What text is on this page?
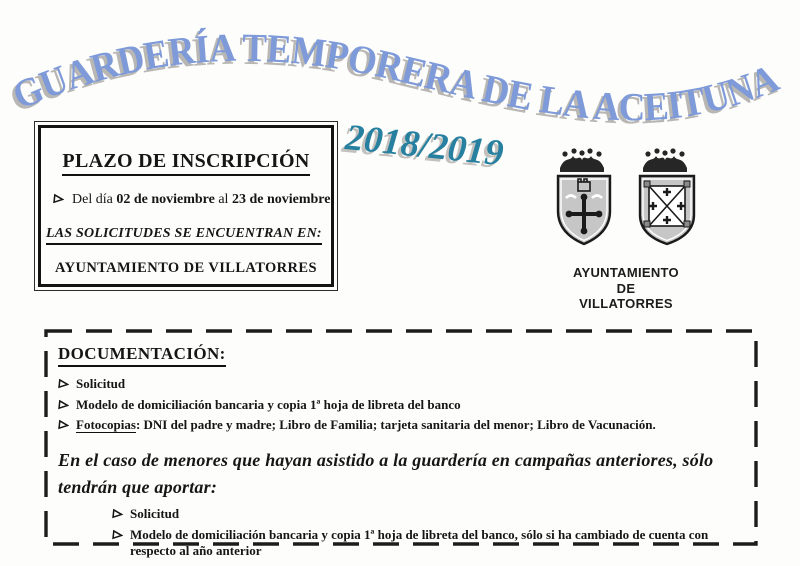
GUARDERÍA TEMPORERA DE LA ACEITUNA
2018/2019
PLAZO DE INSCRIPCIÓN

Del día 02 de noviembre al 23 de noviembre

LAS SOLICITUDES SE ENCUENTRAN EN:
AYUNTAMIENTO DE VILLATORRES	AYUNTAMIENTO
DE
VILLATORRES
DOCUMENTACIÓN:

Solicitud

Modelo de domiciliación bancaria y copia 1ª hoja de libreta del banco

Fotocopias: DNI del padre y madre; Libro de Familia; tarjeta sanitaria del menor; Libro de Vacunación.

En el caso de menores que hayan asistido a la guardería en campañas anteriores, sólo tendrán que aportar:

Solicitud

Modelo de domiciliación bancaria y copia 1ª hoja de libreta del banco, sólo si ha cambiado de cuenta con respecto al año anterior
